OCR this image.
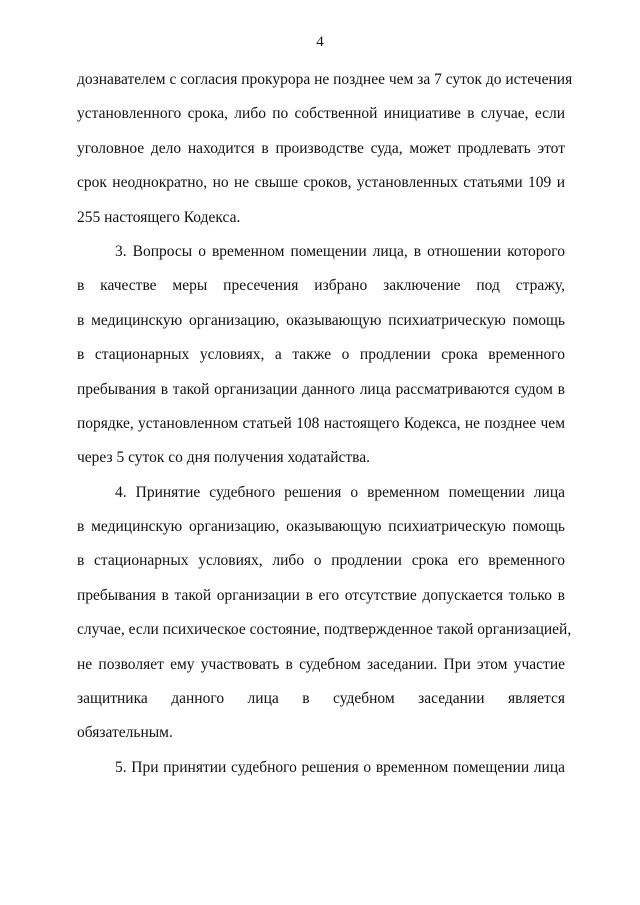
4
дознавателем с согласия прокурора не позднее чем за 7 суток до истечения
установленного срока, либо по собственной инициативе в случае, если
уголовное дело находится в производстве суда, может продлевать этот
срок неоднократно, но не свыше сроков, установленных статьями 109 и
255 настоящего Кодекса.
3. Вопросы о временном помещении лица, в отношении которого
в качестве меры пресечения избрано заключение под стражу,
в медицинскую организацию, оказывающую психиатрическую помощь
в стационарных условиях, а также о продлении срока временного
пребывания в такой организации данного лица рассматриваются судом в
порядке, установленном статьей 108 настоящего Кодекса, не позднее чем
через 5 суток со дня получения ходатайства.
4. Принятие судебного решения о временном помещении лица
в медицинскую организацию, оказывающую психиатрическую помощь
в стационарных условиях, либо о продлении срока его временного
пребывания в такой организации в его отсутствие допускается только в
случае, если психическое состояние, подтвержденное такой организацией,
не позволяет ему участвовать в судебном заседании. При этом участие
защитника данного лица в судебном заседании является
обязательным.
5. При принятии судебного решения о временном помещении лица
